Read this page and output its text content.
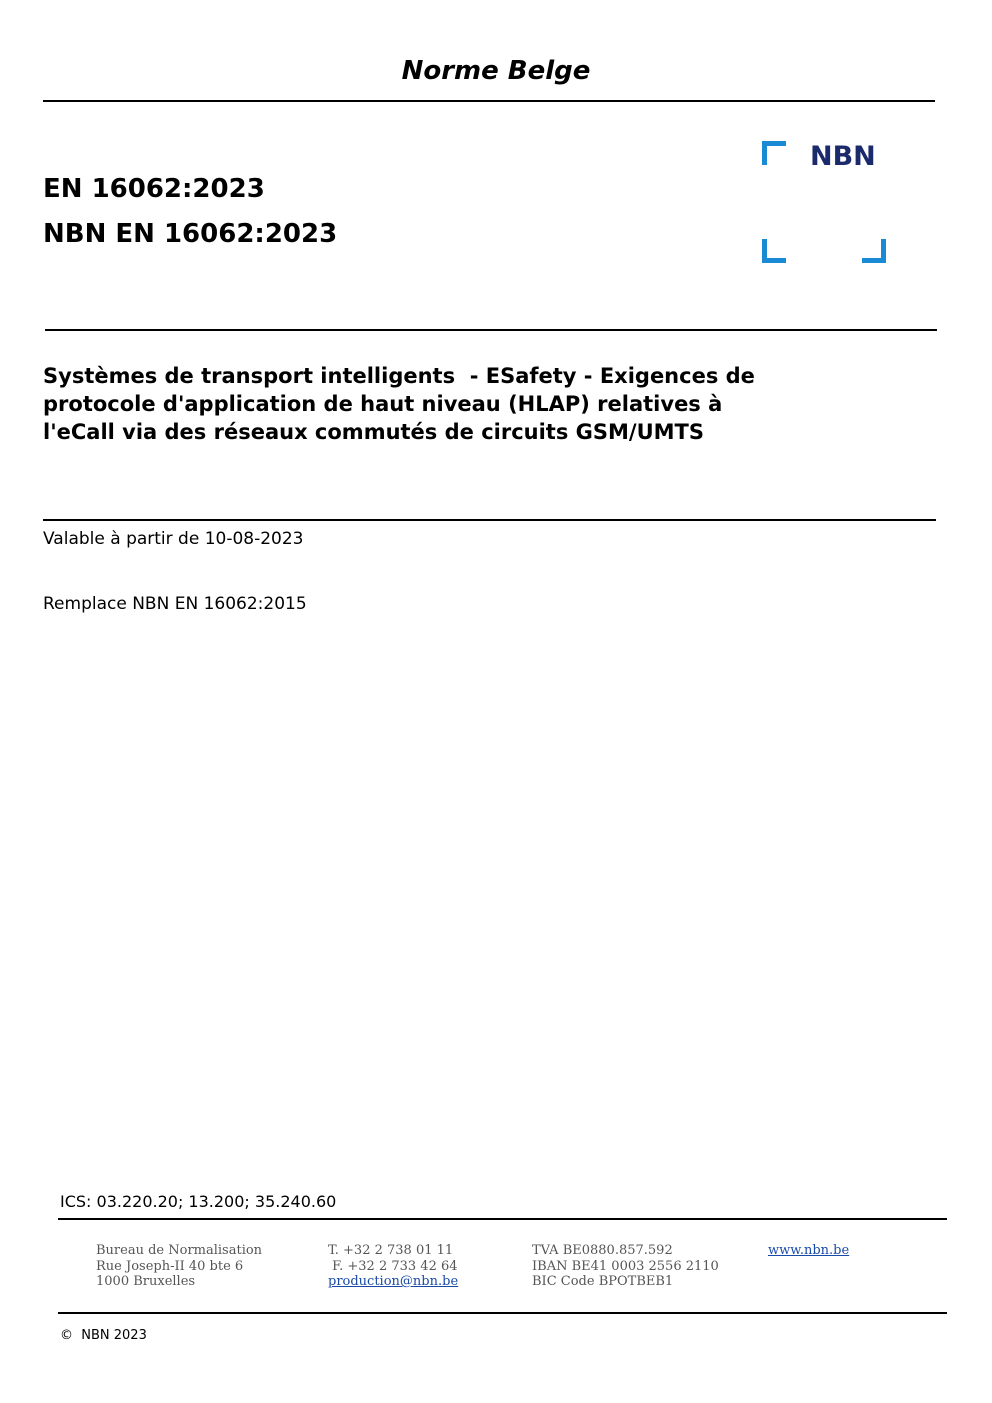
Norme Belge
EN 16062:2023
NBN EN 16062:2023
NBN
Systèmes de transport intelligents  - ESafety - Exigences de
protocole d'application de haut niveau (HLAP) relatives à
l'eCall via des réseaux commutés de circuits GSM/UMTS
Valable à partir de 10-08-2023
Remplace NBN EN 16062:2015
ICS: 03.220.20; 13.200; 35.240.60
Bureau de Normalisation
Rue Joseph-II 40 bte 6
1000 Bruxelles
T. +32 2 738 01 11
F. +32 2 733 42 64
production@nbn.be
TVA BE0880.857.592
IBAN BE41 0003 2556 2110
BIC Code BPOTBEB1
www.nbn.be
©  NBN 2023
